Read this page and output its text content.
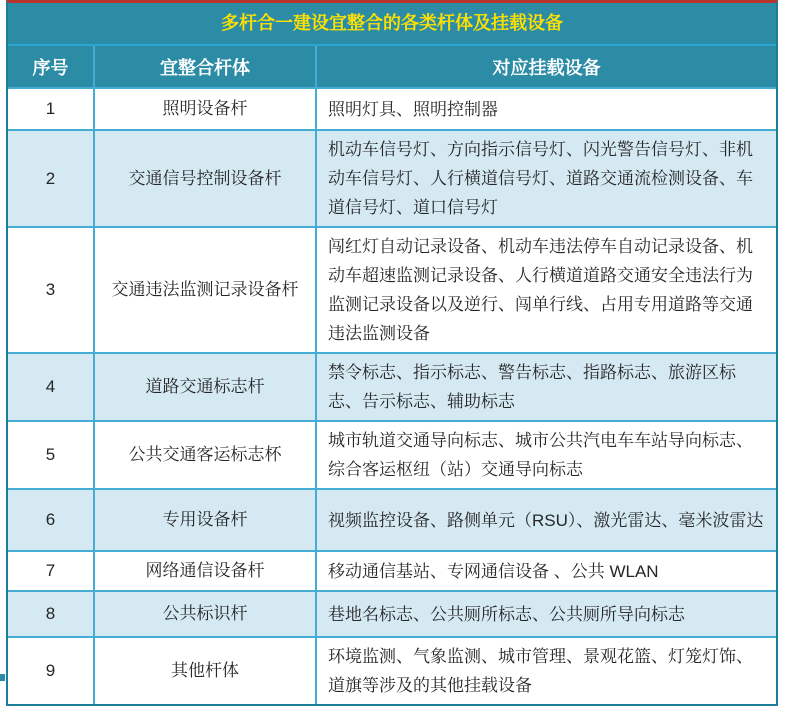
多杆合一建设宜整合的各类杆体及挂载设备
序号	宜整合杆体	对应挂载设备
1	照明设备杆	照明灯具、照明控制器
2	交通信号控制设备杆	机动车信号灯、方向指示信号灯、闪光警告信号灯、非机动车信号灯、人行横道信号灯、道路交通流检测设备、车道信号灯、道口信号灯
3	交通违法监测记录设备杆	闯红灯自动记录设备、机动车违法停车自动记录设备、机动车超速监测记录设备、人行横道道路交通安全违法行为监测记录设备以及逆行、闯单行线、占用专用道路等交通违法监测设备
4	道路交通标志杆	禁令标志、指示标志、警告标志、指路标志、旅游区标志、告示标志、辅助标志
5	公共交通客运标志杯	城市轨道交通导向标志、城市公共汽电车车站导向标志、综合客运枢纽（站）交通导向标志
6	专用设备杆	视频监控设备、路侧单元（RSU）、激光雷达、毫米波雷达
7	网络通信设备杆	移动通信基站、专网通信设备 、公共 WLAN
8	公共标识杆	巷地名标志、公共厕所标志、公共厕所导向标志
9	其他杆体	环境监测、气象监测、城市管理、景观花篮、灯笼灯饰、道旗等涉及的其他挂载设备
